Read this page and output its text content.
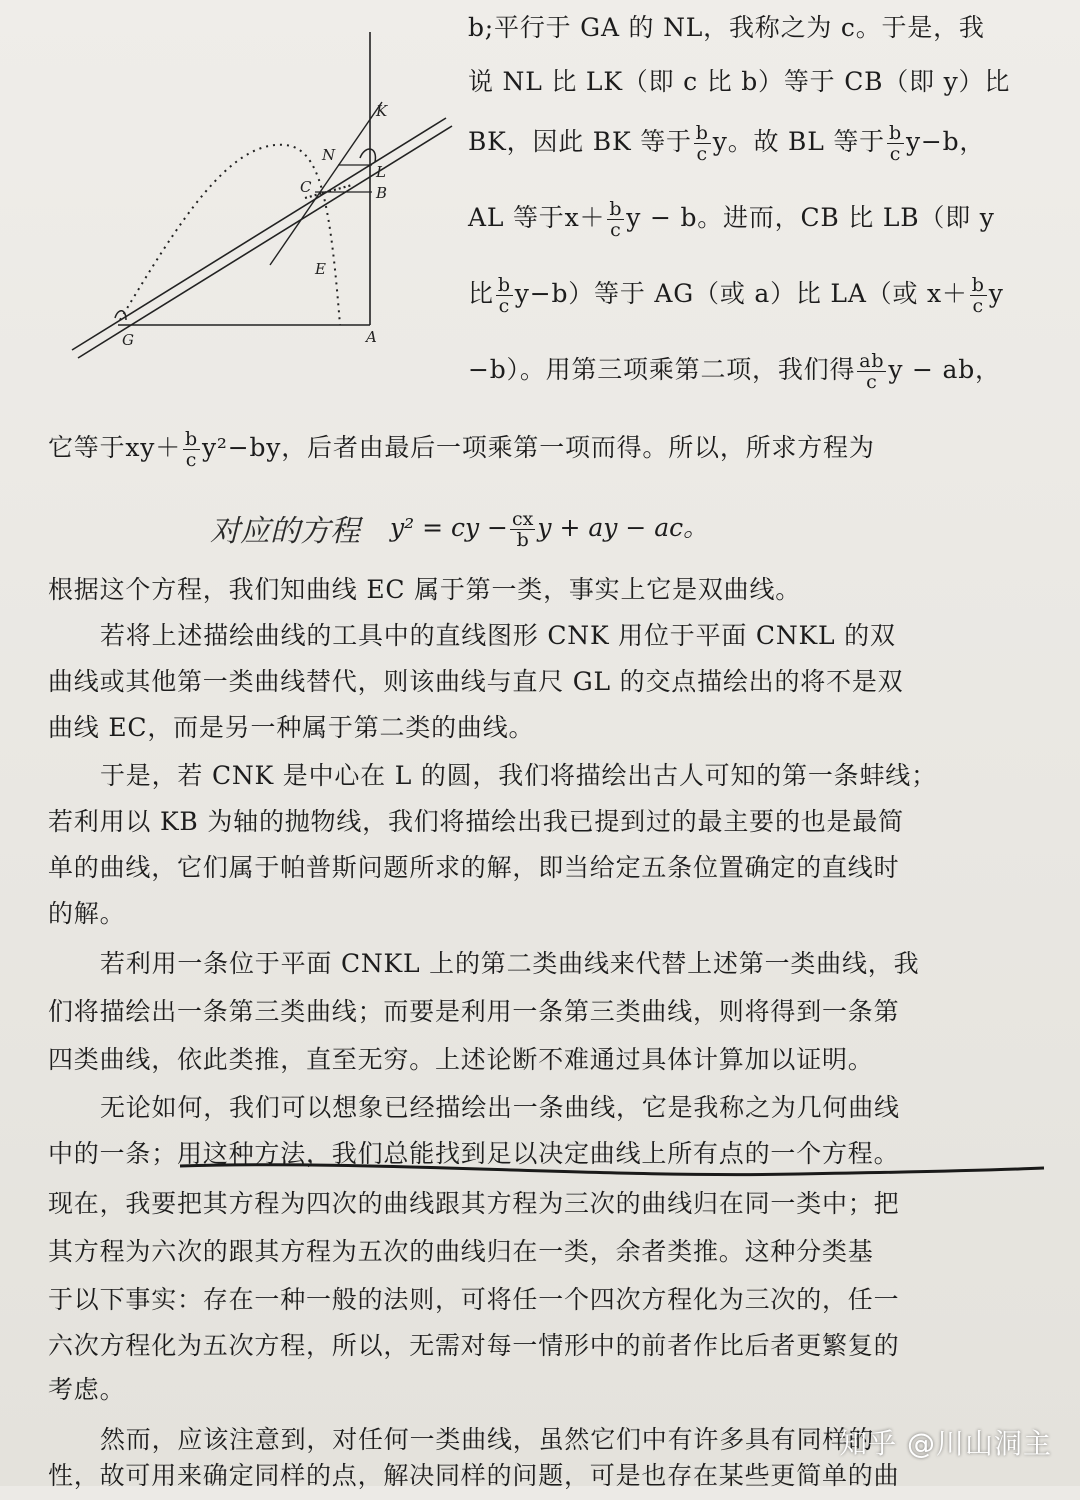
K
N
C
L
B
E
G	A
b;平行于 GA 的 NL，我称之为 c。于是，我
说 NL 比 LK（即 c 比 b）等于 CB（即 y）比
BK，因此 BK 等于 $\frac{b}{c}$ y。故 BL 等于 $\frac{b}{c} y-b$，
AL 等于$x+ \frac{b}{c}$ y − b。进而，CB 比 LB（即 y
比 $\frac{b}{c} y-b$）等于 AG（或 a）比 LA（或 $x+ \frac{b}{c}$ y
−b）。用第三项乘第二项，我们得 $\frac{ab}{c}$ y − ab，
它等于$xy+ \frac{b}{c} y^2-by$，后者由最后一项乘第一项而得。所以，所求方程为
对应的方程 y² = cy − $\frac{cx}{b}$ y + ay − ac。
根据这个方程，我们知曲线 EC 属于第一类，事实上它是双曲线。
若将上述描绘曲线的工具中的直线图形 CNK 用位于平面 CNKL 的双
曲线或其他第一类曲线替代，则该曲线与直尺 GL 的交点描绘出的将不是双
曲线 EC，而是另一种属于第二类的曲线。
于是，若 CNK 是中心在 L 的圆，我们将描绘出古人可知的第一条蚌线；
若利用以 KB 为轴的抛物线，我们将描绘出我已提到过的最主要的也是最简
单的曲线，它们属于帕普斯问题所求的解，即当给定五条位置确定的直线时
的解。
若利用一条位于平面 CNKL 上的第二类曲线来代替上述第一类曲线，我
们将描绘出一条第三类曲线；而要是利用一条第三类曲线，则将得到一条第
四类曲线，依此类推，直至无穷。上述论断不难通过具体计算加以证明。
无论如何，我们可以想象已经描绘出一条曲线，它是我称之为几何曲线
中的一条；用这种方法，我们总能找到足以决定曲线上所有点的一个方程。
现在，我要把其方程为四次的曲线跟其方程为三次的曲线归在同一类中；把
其方程为六次的跟其方程为五次的曲线归在一类，余者类推。这种分类基
于以下事实：存在一种一般的法则，可将任一个四次方程化为三次的，任一
六次方程化为五次方程，所以，无需对每一情形中的前者作比后者更繁复的
考虑。
然而，应该注意到，对任何一类曲线，虽然它们中有许多具有同样的
性，故可用来确定同样的点，解决同样的问题，可是也存在某些更简单的曲
知乎 @川山洞主
